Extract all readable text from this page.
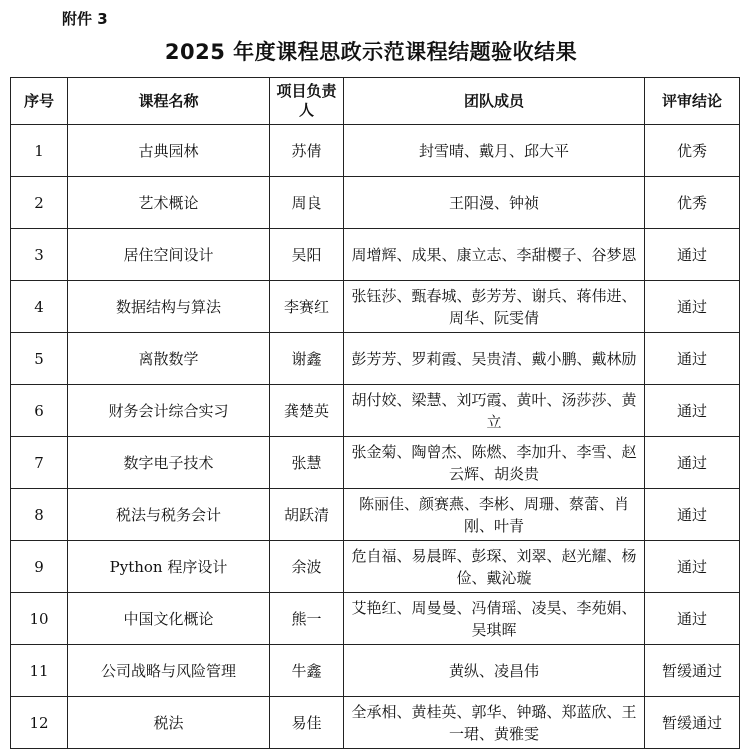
附件 3
2025 年度课程思政示范课程结题验收结果
序号	课程名称	项目负责人	团队成员	评审结论
1	古典园林	苏倩	封雪晴、戴月、邱大平	优秀
2	艺术概论	周良	王阳漫、钟祯	优秀
3	居住空间设计	吴阳	周增辉、成果、康立志、李甜樱子、谷梦恩	通过
4	数据结构与算法	李赛红	张钰莎、甄春城、彭芳芳、谢兵、蒋伟进、周华、阮雯倩	通过
5	离散数学	谢鑫	彭芳芳、罗莉霞、吴贵清、戴小鹏、戴林励	通过
6	财务会计综合实习	龚楚英	胡付姣、梁慧、刘巧霞、黄叶、汤莎莎、黄立	通过
7	数字电子技术	张慧	张金菊、陶曾杰、陈燃、李加升、李雪、赵云辉、胡炎贵	通过
8	税法与税务会计	胡跃清	陈丽佳、颜赛燕、李彬、周珊、蔡蕾、肖刚、叶青	通过
9	Python 程序设计	余波	危自福、易晨晖、彭琛、刘翠、赵光耀、杨俭、戴沁璇	通过
10	中国文化概论	熊一	艾艳红、周曼曼、冯倩瑶、凌昊、李苑娟、吴琪晖	通过
11	公司战略与风险管理	牛鑫	黄纵、凌昌伟	暂缓通过
12	税法	易佳	全承相、黄桂英、郭华、钟璐、郑蓝欣、王一珺、黄雅雯	暂缓通过
